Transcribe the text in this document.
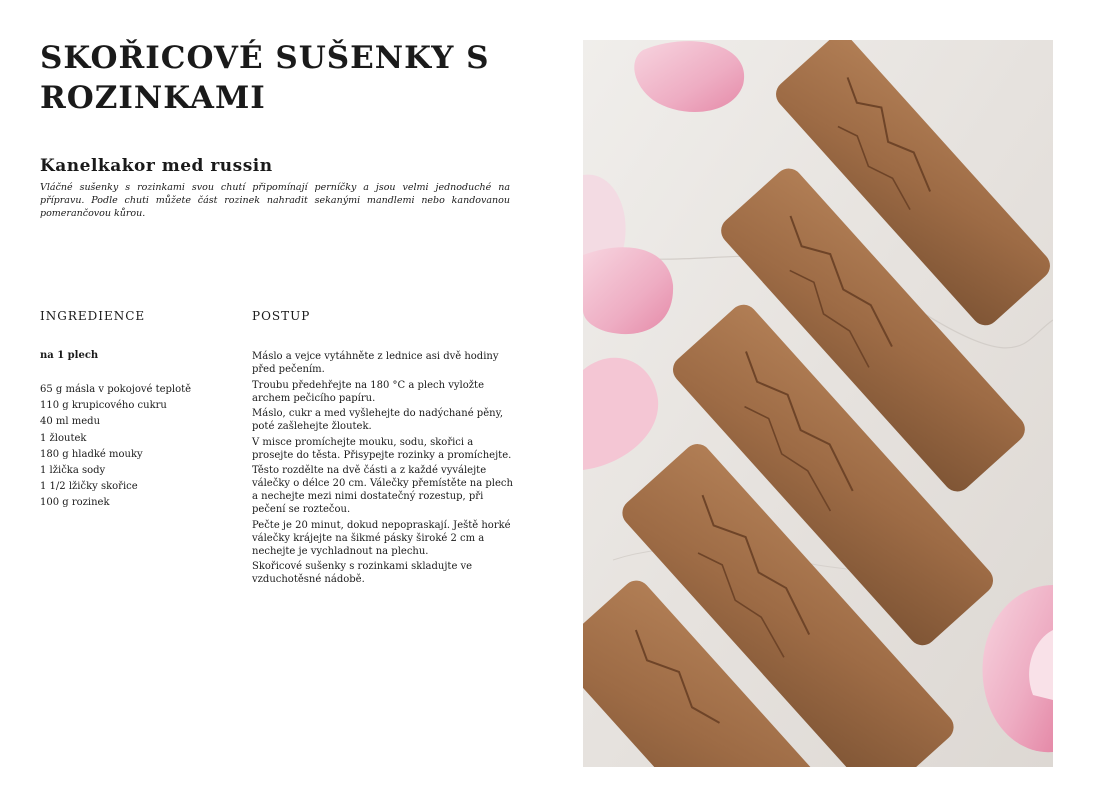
SKOŘICOVÉ SUŠENKY S ROZINKAMI
Kanelkakor med russin

Vláčné sušenky s rozinkami svou chutí připomínají perníčky a jsou velmi jednoduché na přípravu. Podle chuti můžete část rozinek nahradit sekanými mandlemi nebo kandovanou pomerančovou kůrou.

INGREDIENCE	POSTUP
na 1 plech
65 g másla v pokojové teplotě
110 g krupicového cukru
40 ml medu
1 žloutek
180 g hladké mouky
1 lžička sody
1 1/2 lžičky skořice
100 g rozinek

Máslo a vejce vytáhněte z lednice asi dvě hodiny před pečením.

Troubu předehřejte na 180 °C a plech vyložte archem pečicího papíru.

Máslo, cukr a med vyšlehejte do nadýchané pěny, poté zašlehejte žloutek.

V misce promíchejte mouku, sodu, skořici a prosejte do těsta. Přisypejte rozinky a promíchejte.

Těsto rozdělte na dvě části a z každé vyválejte válečky o délce 20 cm. Válečky přemístěte na plech a nechejte mezi nimi dostatečný rozestup, při pečení se roztečou.

Pečte je 20 minut, dokud nepopraskají. Ještě horké válečky krájejte na šikmé pásky široké 2 cm a nechejte je vychladnout na plechu.

Skořicové sušenky s rozinkami skladujte ve vzduchotěsné nádobě.
